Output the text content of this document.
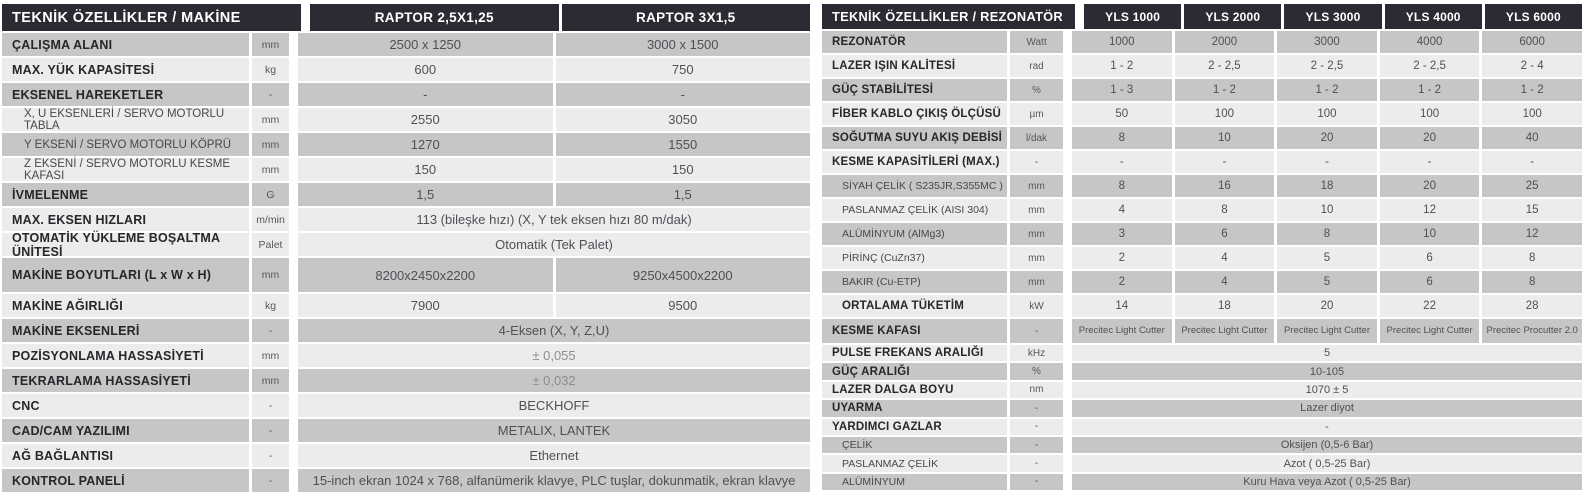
TEKNİK ÖZELLİKLER / MAKİNE	RAPTOR 2,5X1,25	RAPTOR 3X1,5
ÇALIŞMA ALANI	mm	2500 x 1250	3000 x 1500
MAX. YÜK KAPASİTESİ	kg	600	750
EKSENEL HAREKETLER	-	-	-
X, U EKSENLERİ / SERVO MOTORLU TABLA	mm	2550	3050
Y EKSENİ / SERVO MOTORLU KÖPRÜ	mm	1270	1550
Z EKSENİ / SERVO MOTORLU KESME KAFASI	mm	150	150
İVMELENME	G	1,5	1,5
MAX. EKSEN HIZLARI	m/min	113 (bileşke hızı) (X, Y tek eksen hızı 80 m/dak)
OTOMATİK YÜKLEME BOŞALTMA ÜNİTESİ	Palet	Otomatik (Tek Palet)
MAKİNE BOYUTLARI (L x W x H)	mm	8200x2450x2200	9250x4500x2200
MAKİNE AĞIRLIĞI	kg	7900	9500
MAKİNE EKSENLERİ	-	4-Eksen (X, Y, Z,U)
POZİSYONLAMA HASSASİYETİ	mm	± 0,055
TEKRARLAMA HASSASİYETİ	mm	± 0,032
CNC	-	BECKHOFF
CAD/CAM YAZILIMI	-	METALIX, LANTEK
AĞ BAĞLANTISI	-	Ethernet
KONTROL PANELİ	-	15-inch ekran 1024 x 768, alfanümerik klavye, PLC tuşlar, dokunmatik, ekran klavye
TEKNİK ÖZELLİKLER / REZONATÖR	YLS 1000	YLS 2000	YLS 3000	YLS 4000	YLS 6000
REZONATÖR	Watt	1000	2000	3000	4000	6000
LAZER IŞIN KALİTESİ	rad	1 - 2	2 - 2,5	2 - 2,5	2 - 2,5	2 - 4
GÜÇ STABİLİTESİ	%	1 - 3	1 - 2	1 - 2	1 - 2	1 - 2
FİBER KABLO ÇIKIŞ ÖLÇÜSÜ	µm	50	100	100	100	100
SOĞUTMA SUYU AKIŞ DEBİSİ	l/dak	8	10	20	20	40
KESME KAPASİTİLERİ (MAX.)	-	-	-	-	-	-
SİYAH ÇELİK ( S235JR,S355MC )	mm	8	16	18	20	25
PASLANMAZ ÇELİK (AISI 304)	mm	4	8	10	12	15
ALÜMİNYUM (AlMg3)	mm	3	6	8	10	12
PİRİNÇ (CuZn37)	mm	2	4	5	6	8
BAKIR (Cu-ETP)	mm	2	4	5	6	8
ORTALAMA TÜKETİM	kW	14	18	20	22	28
KESME KAFASI	-	Precitec Light Cutter	Precitec Light Cutter	Precitec Light Cutter	Precitec Light Cutter	Precitec Procutter 2.0
PULSE FREKANS ARALIĞI	kHz	5
GÜÇ ARALIĞI	%	10-105
LAZER DALGA BOYU	nm	1070 ± 5
UYARMA	-	Lazer diyot
YARDIMCI GAZLAR	-	-
ÇELİK	-	Oksijen (0,5-6 Bar)
PASLANMAZ ÇELİK	-	Azot ( 0,5-25 Bar)
ALÜMİNYUM	-	Kuru Hava veya Azot ( 0,5-25 Bar)
